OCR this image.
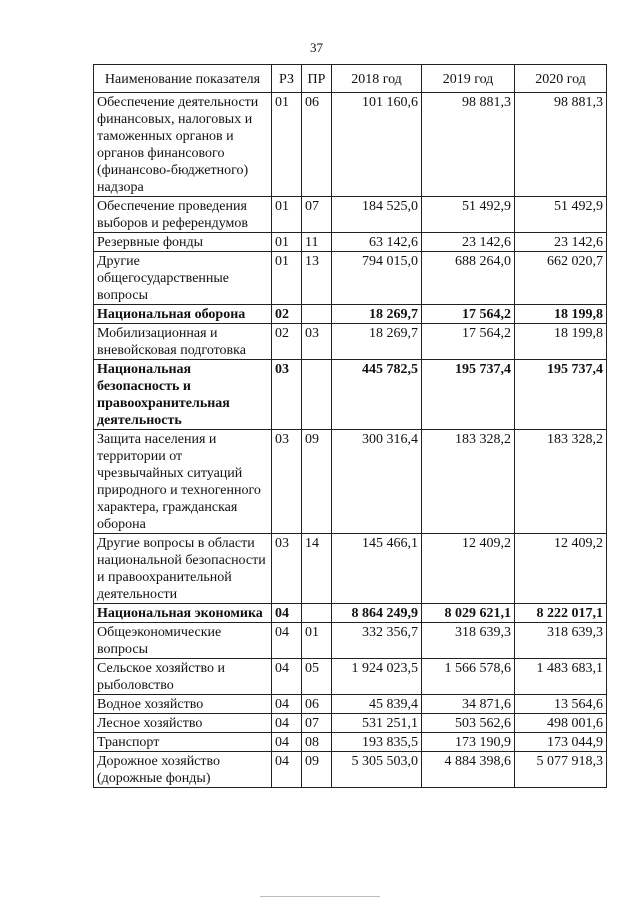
37
Наименование показателя	РЗ	ПР	2018 год	2019 год	2020 год
Обеспечение деятельности финансовых, налоговых и таможенных органов и органов финансового (финансово-бюджетного) надзора	01	06	101 160,6	98 881,3	98 881,3
Обеспечение проведения выборов и референдумов	01	07	184 525,0	51 492,9	51 492,9
Резервные фонды	01	11	63 142,6	23 142,6	23 142,6
Другие общегосударственные вопросы	01	13	794 015,0	688 264,0	662 020,7
Национальная оборона	02		18 269,7	17 564,2	18 199,8
Мобилизационная и вневойсковая подготовка	02	03	18 269,7	17 564,2	18 199,8
Национальная безопасность и правоохранительная деятельность	03		445 782,5	195 737,4	195 737,4
Защита населения и территории от чрезвычайных ситуаций природного и техногенного характера, гражданская оборона	03	09	300 316,4	183 328,2	183 328,2
Другие вопросы в области национальной безопасности и правоохранительной деятельности	03	14	145 466,1	12 409,2	12 409,2
Национальная экономика	04		8 864 249,9	8 029 621,1	8 222 017,1
Общеэкономические вопросы	04	01	332 356,7	318 639,3	318 639,3
Сельское хозяйство и рыболовство	04	05	1 924 023,5	1 566 578,6	1 483 683,1
Водное хозяйство	04	06	45 839,4	34 871,6	13 564,6
Лесное хозяйство	04	07	531 251,1	503 562,6	498 001,6
Транспорт	04	08	193 835,5	173 190,9	173 044,9
Дорожное хозяйство (дорожные фонды)	04	09	5 305 503,0	4 884 398,6	5 077 918,3
